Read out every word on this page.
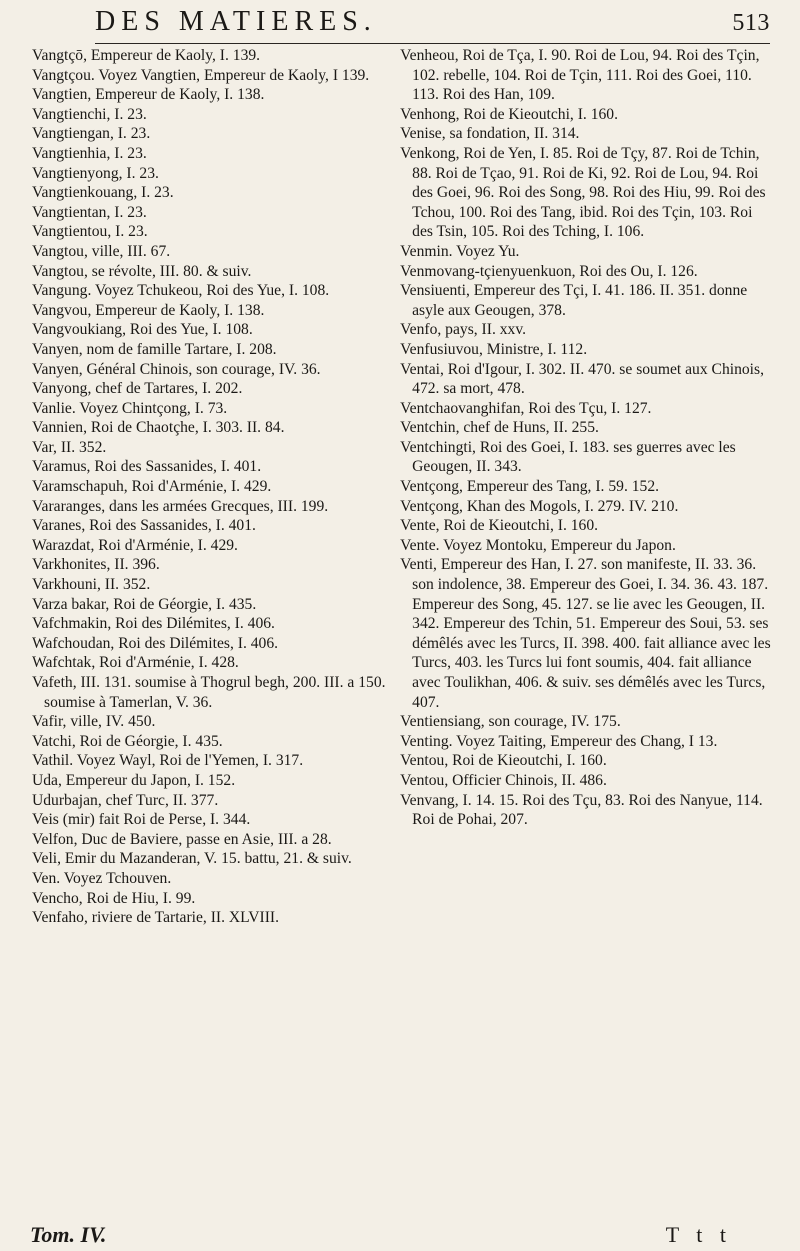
DES MATIERES.	513

Vangtçō, Empereur de Kaoly, I. 139.

Vangtçou. Voyez Vangtien, Empereur de Kaoly, I 139.

Vangtien, Empereur de Kaoly, I. 138.

Vangtienchi, I. 23.

Vangtiengan, I. 23.

Vangtienhia, I. 23.

Vangtienyong, I. 23.

Vangtienkouang, I. 23.

Vangtientan, I. 23.

Vangtientou, I. 23.

Vangtou, ville, III. 67.

Vangtou, se révolte, III. 80. & suiv.

Vangung. Voyez Tchukeou, Roi des Yue, I. 108.

Vangvou, Empereur de Kaoly, I. 138.

Vangvoukiang, Roi des Yue, I. 108.

Vanyen, nom de famille Tartare, I. 208.

Vanyen, Général Chinois, son courage, IV. 36.

Vanyong, chef de Tartares, I. 202.

Vanlie. Voyez Chintçong, I. 73.

Vannien, Roi de Chaotçhe, I. 303. II. 84.

Var, II. 352.

Varamus, Roi des Sassanides, I. 401.

Varamschapuh, Roi d'Arménie, I. 429.

Vararanges, dans les armées Grecques, III. 199.

Varanes, Roi des Sassanides, I. 401.

Warazdat, Roi d'Arménie, I. 429.

Varkhonites, II. 396.

Varkhouni, II. 352.

Varza bakar, Roi de Géorgie, I. 435.

Vafchmakin, Roi des Dilémites, I. 406.

Wafchoudan, Roi des Dilémites, I. 406.

Wafchtak, Roi d'Arménie, I. 428.

Vafeth, III. 131. soumise à Thogrul begh, 200. III. a 150. soumise à Tamerlan, V. 36.

Vafir, ville, IV. 450.

Vatchi, Roi de Géorgie, I. 435.

Vathil. Voyez Wayl, Roi de l'Yemen, I. 317.

Uda, Empereur du Japon, I. 152.

Udurbajan, chef Turc, II. 377.

Veis (mir) fait Roi de Perse, I. 344.

Velfon, Duc de Baviere, passe en Asie, III. a 28.

Veli, Emir du Mazanderan, V. 15. battu, 21. & suiv.

Ven. Voyez Tchouven.

Vencho, Roi de Hiu, I. 99.

Venfaho, riviere de Tartarie, II. XLVIII.

Venheou, Roi de Tça, I. 90. Roi de Lou, 94. Roi des Tçin, 102. rebelle, 104. Roi de Tçin, 111. Roi des Goei, 110. 113. Roi des Han, 109.

Venhong, Roi de Kieoutchi, I. 160.

Venise, sa fondation, II. 314.

Venkong, Roi de Yen, I. 85. Roi de Tçy, 87. Roi de Tchin, 88. Roi de Tçao, 91. Roi de Ki, 92. Roi de Lou, 94. Roi des Goei, 96. Roi des Song, 98. Roi des Hiu, 99. Roi des Tchou, 100. Roi des Tang, ibid. Roi des Tçin, 103. Roi des Tsin, 105. Roi des Tching, I. 106.

Venmin. Voyez Yu.

Venmovang-tçienyuenkuon, Roi des Ou, I. 126.

Vensiuenti, Empereur des Tçi, I. 41. 186. II. 351. donne asyle aux Geougen, 378.

Venfo, pays, II. xxv.

Venfusiuvou, Ministre, I. 112.

Ventai, Roi d'Igour, I. 302. II. 470. se soumet aux Chinois, 472. sa mort, 478.

Ventchaovanghifan, Roi des Tçu, I. 127.

Ventchin, chef de Huns, II. 255.

Ventchingti, Roi des Goei, I. 183. ses guerres avec les Geougen, II. 343.

Ventçong, Empereur des Tang, I. 59. 152.

Ventçong, Khan des Mogols, I. 279. IV. 210.

Vente, Roi de Kieoutchi, I. 160.

Vente. Voyez Montoku, Empereur du Japon.

Venti, Empereur des Han, I. 27. son manifeste, II. 33. 36. son indolence, 38. Empereur des Goei, I. 34. 36. 43. 187. Empereur des Song, 45. 127. se lie avec les Geougen, II. 342. Empereur des Tchin, 51. Empereur des Soui, 53. ses démêlés avec les Turcs, II. 398. 400. fait alliance avec les Turcs, 403. les Turcs lui font soumis, 404. fait alliance avec Toulikhan, 406. & suiv. ses démêlés avec les Turcs, 407.

Ventiensiang, son courage, IV. 175.

Venting. Voyez Taiting, Empereur des Chang, I 13.

Ventou, Roi de Kieoutchi, I. 160.

Ventou, Officier Chinois, II. 486.

Venvang, I. 14. 15. Roi des Tçu, 83. Roi des Nanyue, 114. Roi de Pohai, 207.

Tom. IV.	T t t
